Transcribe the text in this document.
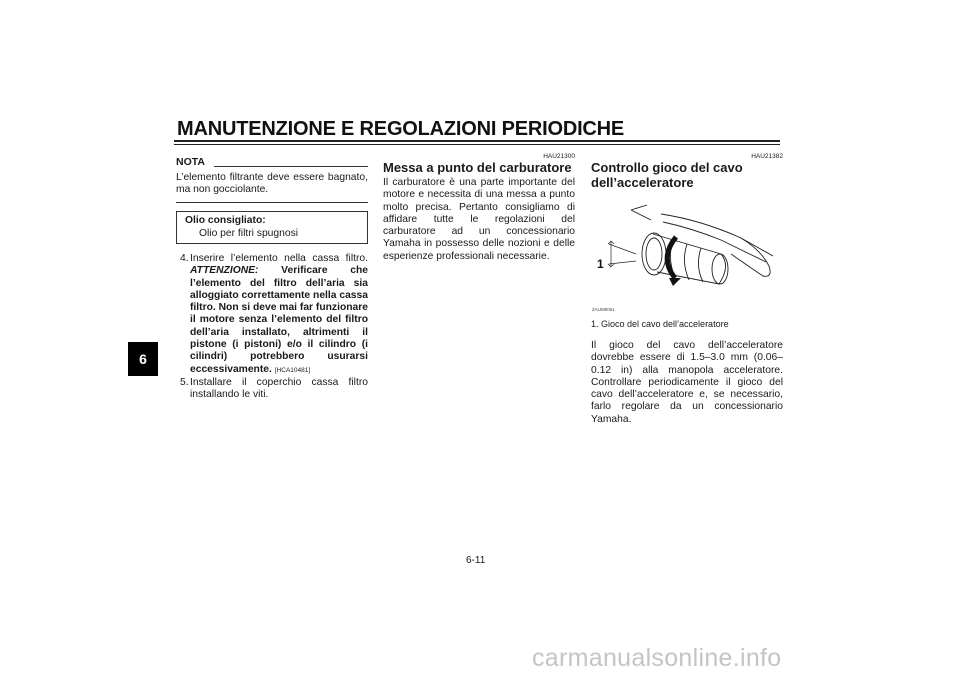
MANUTENZIONE E REGOLAZIONI PERIODICHE
6
NOTA
L’elemento filtrante deve essere bagnato, ma non gocciolante.
Olio consigliato:
Olio per filtri spugnosi
4. Inserire l’elemento nella cassa filtro. ATTENZIONE: Verificare che l’elemento del filtro dell’aria sia alloggiato correttamente nella cassa filtro. Non si deve mai far funzionare il motore senza l’elemento del filtro dell’aria installato, altrimenti il pistone (i pistoni) e/o il cilindro (i cilindri) potrebbero usurarsi eccessivamente. [HCA10481]
5. Installare il coperchio cassa filtro installando le viti.
HAU21300
Messa a punto del carburatore
Il carburatore è una parte importante del motore e necessita di una messa a punto molto precisa. Pertanto consigliamo di affidare tutte le regolazioni del carburatore ad un concessionario Yamaha in possesso delle nozioni e delle esperienze professionali necessarie.
HAU21382
Controllo gioco del cavo dell’acceleratore
1
ZAUM0061
1. Gioco del cavo dell’acceleratore
Il gioco del cavo dell’acceleratore dovrebbe essere di 1.5–3.0 mm (0.06–0.12 in) alla manopola acceleratore. Controllare periodicamente il gioco del cavo dell’acceleratore e, se necessario, farlo regolare da un concessionario Yamaha.
6-11
carmanualsonline.info
